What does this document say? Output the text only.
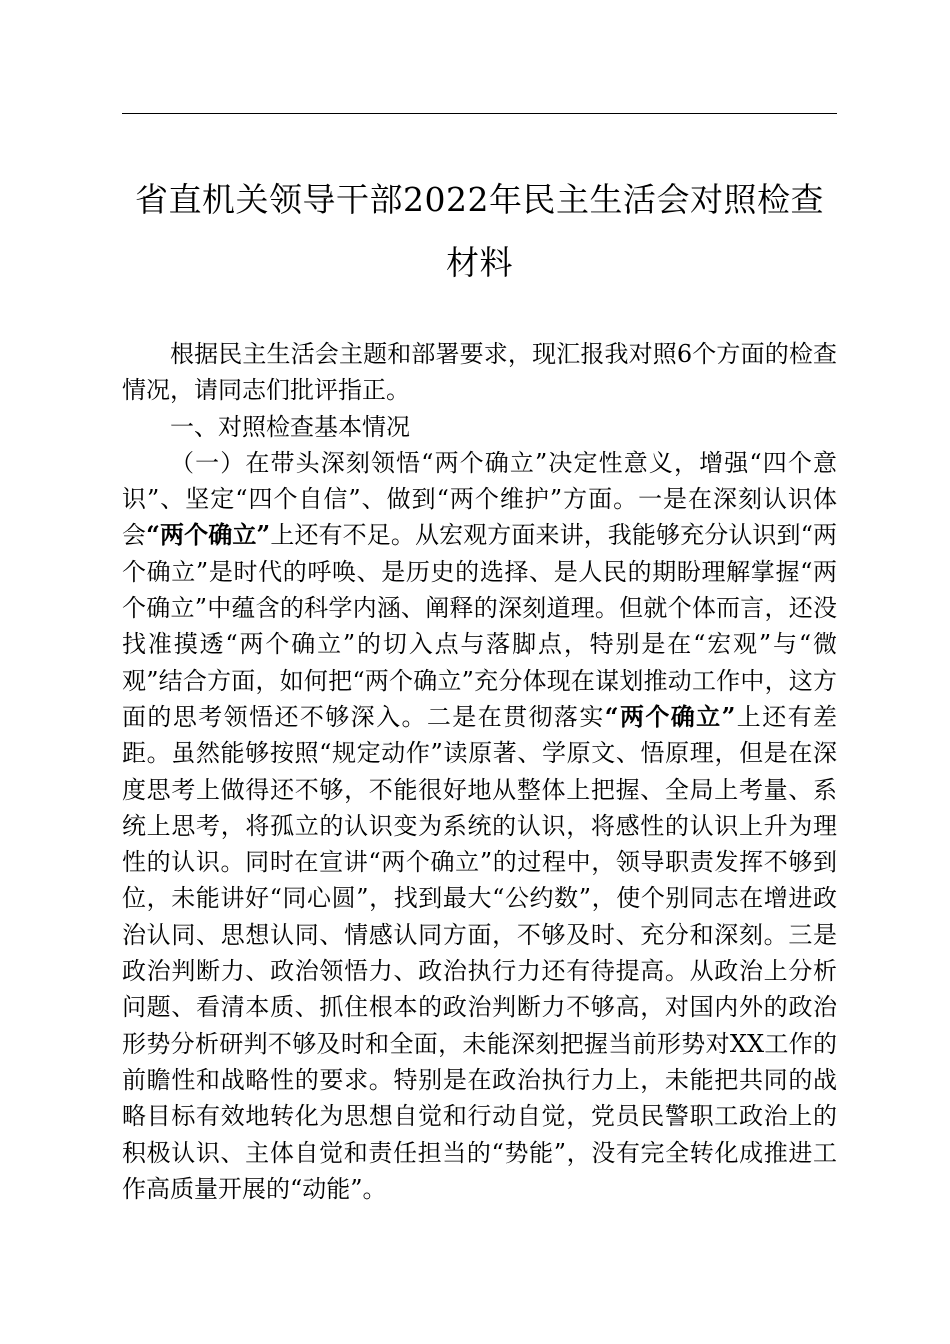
省直机关领导干部2022年民主生活会对照检查材料

根据民主生活会主题和部署要求，现汇报我对照6个方面的检查情况，请同志们批评指正。

一、对照检查基本情况

（一）在带头深刻领悟“两个确立”决定性意义，增强“四个意识”、坚定“四个自信”、做到“两个维护”方面。一是在深刻认识体会“两个确立”上还有不足。从宏观方面来讲，我能够充分认识到“两个确立”是时代的呼唤、是历史的选择、是人民的期盼理解掌握“两个确立”中蕴含的科学内涵、阐释的深刻道理。但就个体而言，还没找准摸透“两个确立”的切入点与落脚点，特别是在“宏观”与“微观”结合方面，如何把“两个确立”充分体现在谋划推动工作中，这方面的思考领悟还不够深入。二是在贯彻落实“两个确立”上还有差距。虽然能够按照“规定动作”读原著、学原文、悟原理，但是在深度思考上做得还不够，不能很好地从整体上把握、全局上考量、系统上思考，将孤立的认识变为系统的认识，将感性的认识上升为理性的认识。同时在宣讲“两个确立”的过程中，领导职责发挥不够到位，未能讲好“同心圆”，找到最大“公约数”，使个别同志在增进政治认同、思想认同、情感认同方面，不够及时、充分和深刻。三是政治判断力、政治领悟力、政治执行力还有待提高。从政治上分析问题、看清本质、抓住根本的政治判断力不够高，对国内外的政治形势分析研判不够及时和全面，未能深刻把握当前形势对XX工作的前瞻性和战略性的要求。特别是在政治执行力上，未能把共同的战略目标有效地转化为思想自觉和行动自觉，党员民警职工政治上的积极认识、主体自觉和责任担当的“势能”，没有完全转化成推进工作高质量开展的“动能”。
